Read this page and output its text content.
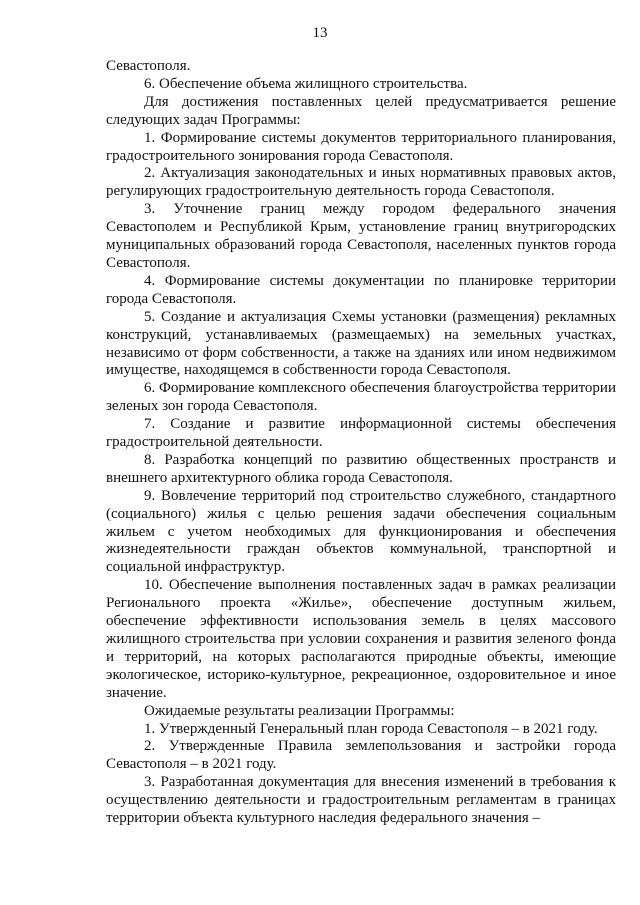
13

Севастополя.

6. Обеспечение объема жилищного строительства.

Для достижения поставленных целей предусматривается решение следующих задач Программы:

1. Формирование системы документов территориального планирования, градостроительного зонирования города Севастополя.

2. Актуализация законодательных и иных нормативных правовых актов, регулирующих градостроительную деятельность города Севастополя.

3. Уточнение границ между городом федерального значения Севастополем и Республикой Крым, установление границ внутригородских муниципальных образований города Севастополя, населенных пунктов города Севастополя.

4. Формирование системы документации по планировке территории города Севастополя.

5. Создание и актуализация Схемы установки (размещения) рекламных конструкций, устанавливаемых (размещаемых) на земельных участках, независимо от форм собственности, а также на зданиях или ином недвижимом имуществе, находящемся в собственности города Севастополя.

6. Формирование комплексного обеспечения благоустройства территории зеленых зон города Севастополя.

7. Создание и развитие информационной системы обеспечения градостроительной деятельности.

8. Разработка концепций по развитию общественных пространств и внешнего архитектурного облика города Севастополя.

9. Вовлечение территорий под строительство служебного, стандартного (социального) жилья с целью решения задачи обеспечения социальным жильем с учетом необходимых для функционирования и обеспечения жизнедеятельности граждан объектов коммунальной, транспортной и социальной инфраструктур.

10. Обеспечение выполнения поставленных задач в рамках реализации Регионального проекта «Жилье», обеспечение доступным жильем, обеспечение эффективности использования земель в целях массового жилищного строительства при условии сохранения и развития зеленого фонда и территорий, на которых располагаются природные объекты, имеющие экологическое, историко-культурное, рекреационное, оздоровительное и иное значение.

Ожидаемые результаты реализации Программы:

1. Утвержденный Генеральный план города Севастополя – в 2021 году.

2. Утвержденные Правила землепользования и застройки города Севастополя – в 2021 году.

3. Разработанная документация для внесения изменений в требования к осуществлению деятельности и градостроительным регламентам в границах территории объекта культурного наследия федерального значения –
